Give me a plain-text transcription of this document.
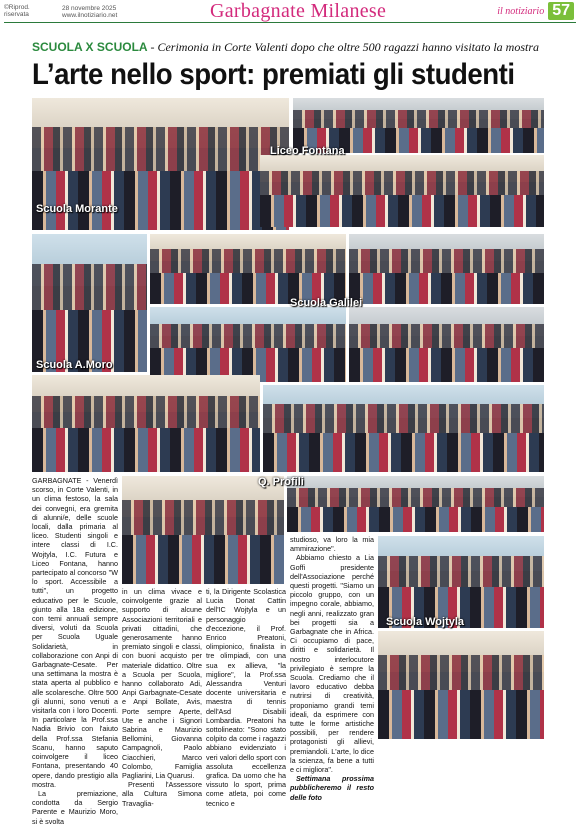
©Riprod.
riservata
28 novembre 2025
www.ilnotiziario.net	Garbagnate Milanese	il notiziario 57
SCUOLA X SCUOLA - Cerimonia in Corte Valenti dopo che oltre 500 ragazzi hanno visitato la mostra
L’arte nello sport: premiati gli studenti
Liceo Fontana
Scuola Morante
Scuola Galilei
Scuola A.Moro
Q. Profili
Scuola Wojtyla

GARBAGNATE - Venerdì scorso, in Corte Valenti, in un clima festoso, la sala dei convegni, era gremita di alunni/e, delle scuole locali, dalla primaria al liceo. Studenti singoli e intere classi di I.C. Wojtyla, I.C. Futura e Liceo Fontana, hanno partecipato al concorso "W lo sport. Accessibile a tutti", un progetto educativo per le Scuole, giunto alla 18a edizione, con temi annuali sempre diversi, voluti da Scuola per Scuola Uguale Solidarietà, in collaborazione con Anpi di Garbagnate-Cesate. Per una settimana la mostra è stata aperta al pubblico e alle scolaresche. Oltre 500 gli alunni, sono venuti a visitarla con i loro Docenti. In particolare la Prof.ssa Nadia Brivio con l'aiuto della Prof.ssa Stefania Scanu, hanno saputo coinvolgere il liceo Fontana, presentando 40 opere, dando prestigio alla mostra.

La premiazione, condotta da Sergio Parente e Maurizio Moro, si è svolta

in un clima vivace e coinvolgente grazie al supporto di alcune Associazioni territoriali e privati cittadini, che generosamente hanno premiato singoli e classi, con buoni acquisto per materiale didattico. Oltre a Scuola per Scuola, hanno collaborato Adi, Anpi Garbagnate-Cesate e Anpi Bollate, Avis, Porte sempre Aperte, Ute e anche i Signori Sabrina e Maurizio Bellomini, Giovanna Campagnoli, Paolo Ciacchieri, Marco Colombo, Famiglia Pagliarini, Lia Quarusi.

Presenti l'Assessore alla Cultura Simona Travaglia-

ti, la Dirigente Scolastica Lucia Donat Cattin dell'IC Wojtyla e un personaggio d'eccezione, il Prof. Enrico Preatoni, olimpionico, finalista in tre olimpiadi, con una sua ex allieva, "la migliore", la Prof.ssa Alessandra Venturi docente universitaria e maestra di tennis dell'Asd Disabili Lombardia. Preatoni ha sottolineato: "Sono stato colpito da come i ragazzi abbiano evidenziato i veri valori dello sport con assoluta eccellenza grafica. Da uomo che ha vissuto lo sport, prima come atleta, poi come tecnico e

studioso, va loro la mia ammirazione".

Abbiamo chiesto a Lia Goffi presidente dell'Associazione perché questi progetti. "Siamo un piccolo gruppo, con un impegno corale, abbiamo, negli anni, realizzato gran bei progetti sia a Garbagnate che in Africa. Ci occupiamo di pace, diritti e solidarietà. Il nostro interlocutore privilegiato è sempre la Scuola. Crediamo che il lavoro educativo debba nutrirsi di creatività, proponiamo grandi temi ideali, da esprimere con tutte le forme artistiche possibili, per rendere protagonisti gli allievi, premiandoli. L'arte, lo dice la scienza, fa bene a tutti e ci migliora".

Settimana prossima pubblicheremo il resto delle foto
